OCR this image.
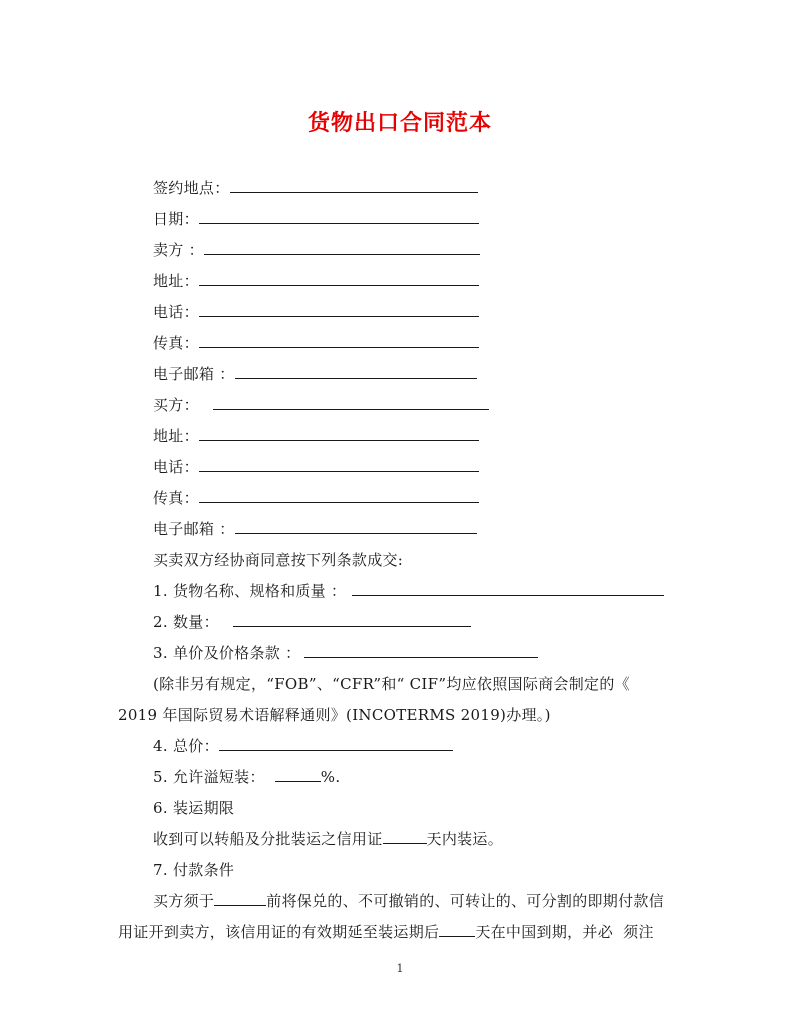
货物出口合同范本
签约地点：
日期：
卖方 ：
地址：
电话：
传真：
电子邮箱 ：
买方：
地址：
电话：
传真：
电子邮箱 ：
买卖双方经协商同意按下列条款成交:
1. 货物名称、规格和质量 ：
2. 数量：
3. 单价及价格条款 ：
(除非另有规定，“FOB”、“CFR”和“ CIF”均应依照国际商会制定的《
2019 年国际贸易术语解释通则》(INCOTERMS 2019)办理。)
4. 总价：
5. 允许溢短装：	%.
6. 装运期限
收到可以转船及分批装运之信用证	天内装运。
7. 付款条件
买方须于	前将保兑的、不可撤销的、可转让的、可分割的即期付款信
用证开到卖方，该信用证的有效期延至装运期后 天在中国到期，并必  须注
1
